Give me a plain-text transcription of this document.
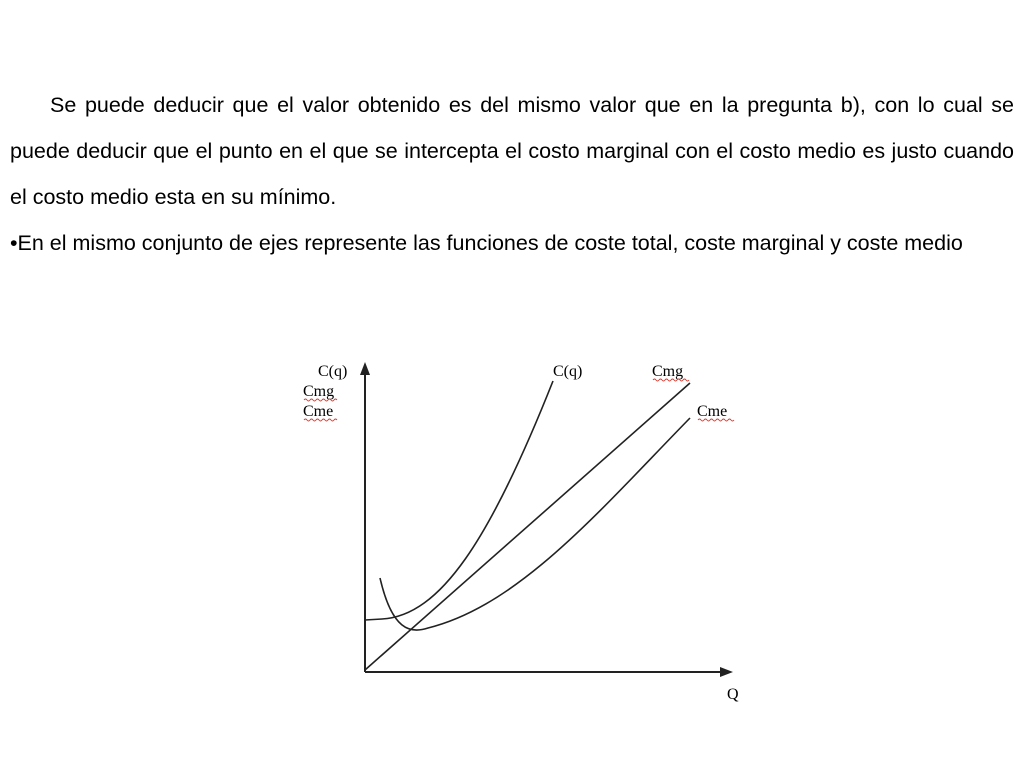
Se puede deducir que el valor obtenido es del mismo valor que en la pregunta b), con lo cual se puede deducir que el punto en el que se intercepta el costo marginal con el costo medio es justo cuando el costo medio esta en su mínimo.

•En el mismo conjunto de ejes represente las funciones de coste total, coste marginal y coste medio

C(q)
Cmg
Cme
Q
C(q)	Cmg
Cme
